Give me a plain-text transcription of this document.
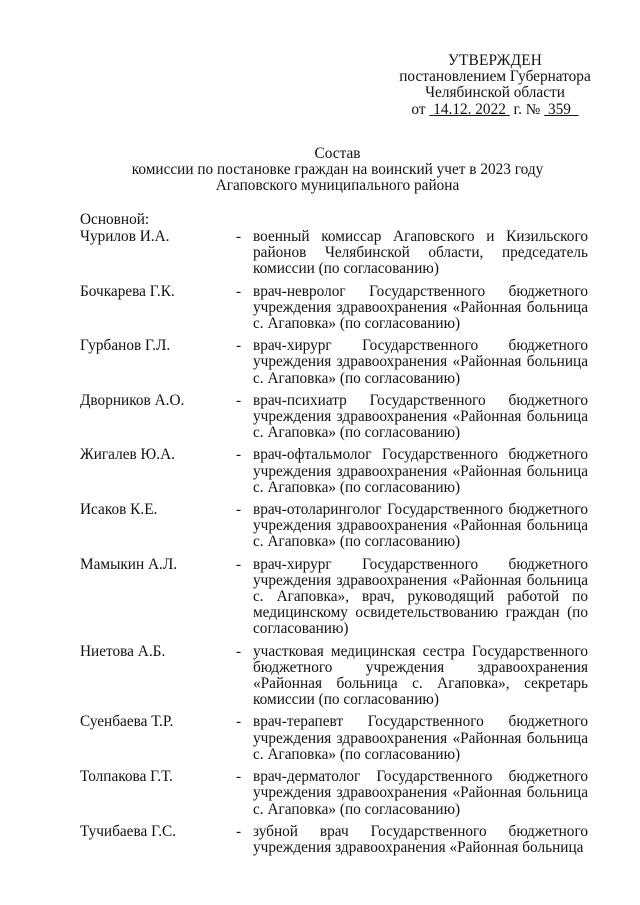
УТВЕРЖДЕН
постановлением Губернатора
Челябинской области
от 14.12. 2022 г. № 359
Состав
комиссии по постановке граждан на воинский учет в 2023 году
Агаповского муниципального района
Основной:
Чурилов И.А.	- военный комиссар Агаповского и Кизильского районов Челябинской области, председатель комиссии (по согласованию)
Бочкарева Г.К.	- врач-невролог Государственного бюджетного учреждения здравоохранения «Районная больница с. Агаповка» (по согласованию)
Гурбанов Г.Л.	- врач-хирург Государственного бюджетного учреждения здравоохранения «Районная больница с. Агаповка» (по согласованию)
Дворников А.О.	- врач-психиатр Государственного бюджетного учреждения здравоохранения «Районная больница с. Агаповка» (по согласованию)
Жигалев Ю.А.	- врач-офтальмолог Государственного бюджетного учреждения здравоохранения «Районная больница с. Агаповка» (по согласованию)
Исаков К.Е.	- врач-отоларинголог Государственного бюджетного учреждения здравоохранения «Районная больница с. Агаповка» (по согласованию)
Мамыкин А.Л.	- врач-хирург Государственного бюджетного учреждения здравоохранения «Районная больница с. Агаповка», врач, руководящий работой по медицинскому освидетельствованию граждан (по согласованию)
Ниетова А.Б.	- участковая медицинская сестра Государственного бюджетного учреждения здравоохранения «Районная больница с. Агаповка», секретарь комиссии (по согласованию)
Суенбаева Т.Р.	- врач-терапевт Государственного бюджетного учреждения здравоохранения «Районная больница с. Агаповка» (по согласованию)
Толпакова Г.Т.	- врач-дерматолог Государственного бюджетного учреждения здравоохранения «Районная больница с. Агаповка» (по согласованию)
Тучибаева Г.С.	- зубной врач Государственного бюджетного учреждения здравоохранения «Районная больница
